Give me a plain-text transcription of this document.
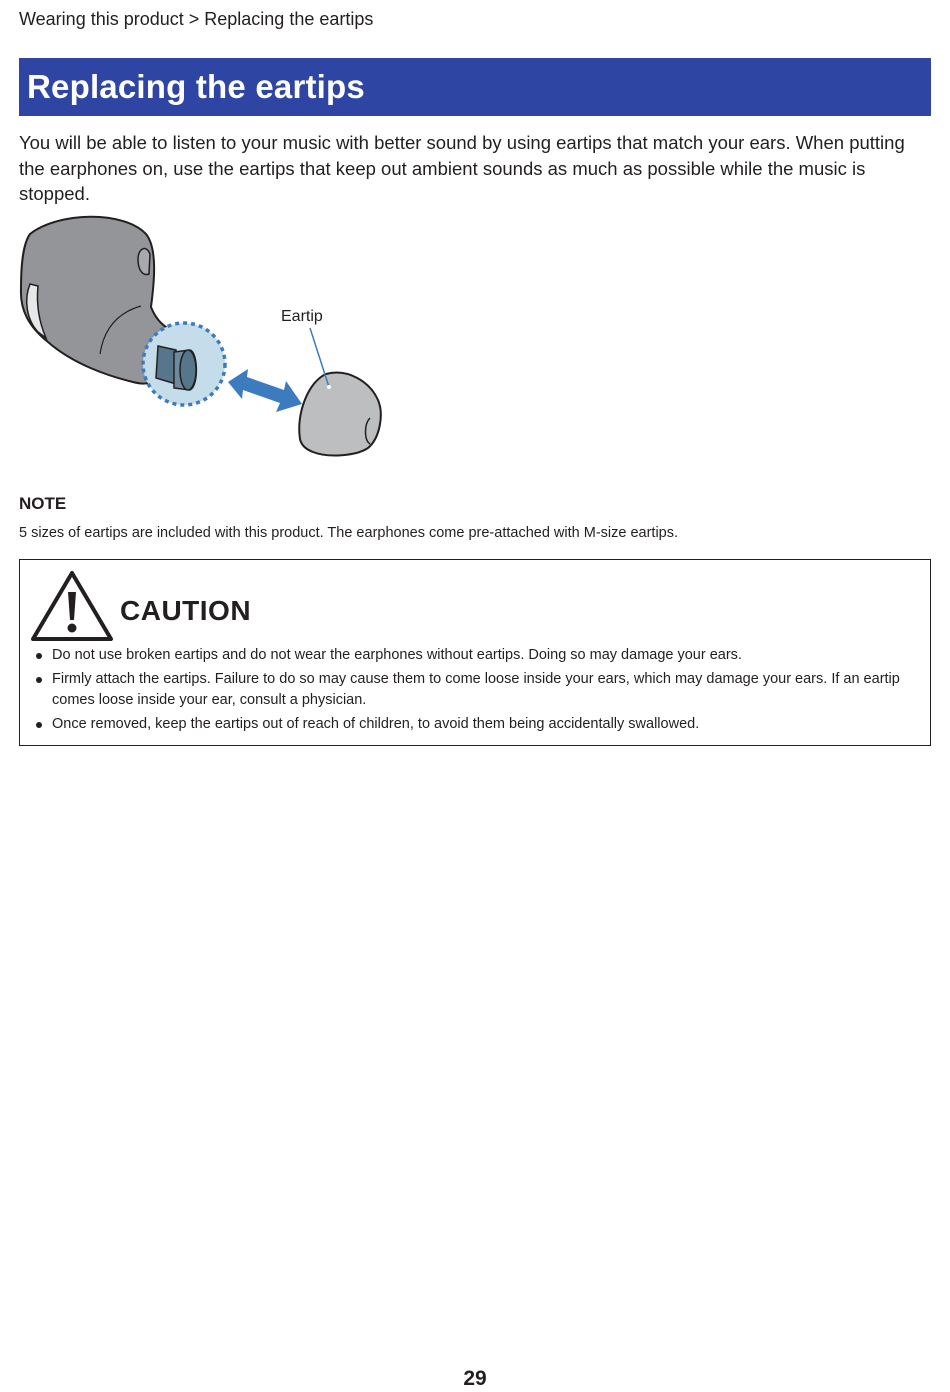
Wearing this product > Replacing the eartips
Replacing the eartips

You will be able to listen to your music with better sound by using eartips that match your ears. When putting the earphones on, use the eartips that keep out ambient sounds as much as possible while the music is stopped.

Eartip
NOTE

5 sizes of eartips are included with this product. The earphones come pre-attached with M-size eartips.

CAUTION
Do not use broken eartips and do not wear the earphones without eartips. Doing so may damage your ears.
Firmly attach the eartips. Failure to do so may cause them to come loose inside your ears, which may damage your ears. If an eartip comes loose inside your ear, consult a physician.
Once removed, keep the eartips out of reach of children, to avoid them being accidentally swallowed.
29
